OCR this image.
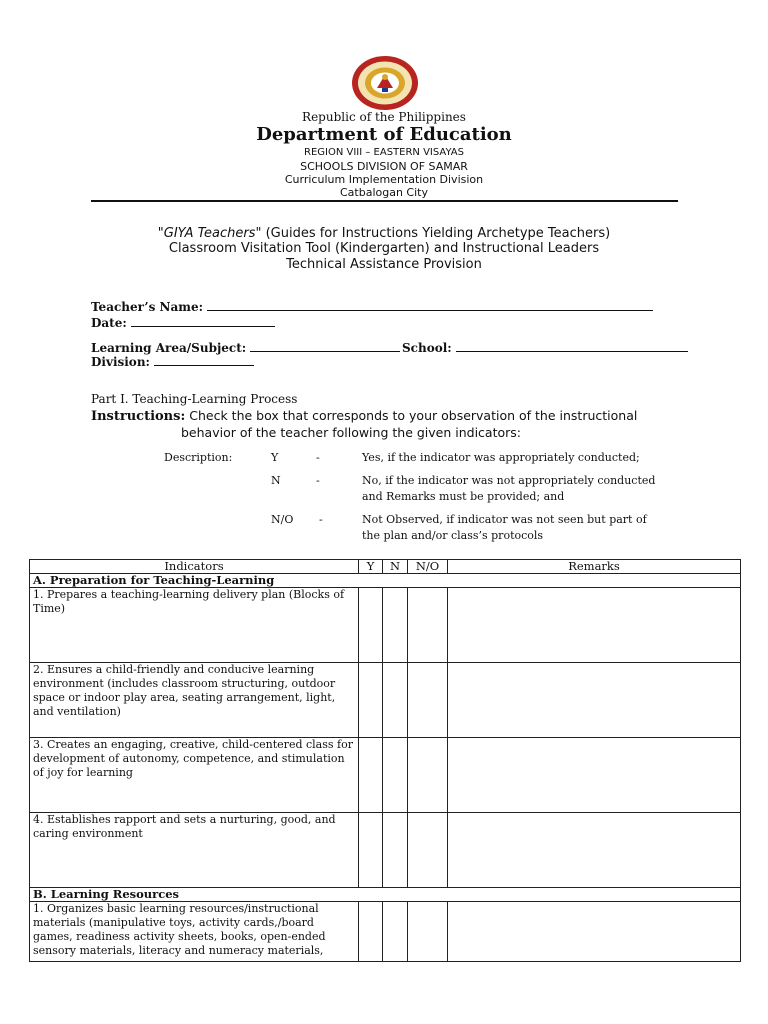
Republic of the Philippines
Department of Education
REGION VIII – EASTERN VISAYAS
SCHOOLS DIVISION OF SAMAR
Curriculum Implementation Division
Catbalogan City
"GIYA Teachers" (Guides for Instructions Yielding Archetype Teachers)
Classroom Visitation Tool (Kindergarten) and Instructional Leaders
Technical Assistance Provision
Teacher’s Name:
Date:
Learning Area/Subject:	School:
Division:
Part I. Teaching-Learning Process
Instructions: Check the box that corresponds to your observation of the instructional
behavior of the teacher following the given indicators:
Description:	Y	-	Yes, if the indicator was appropriately conducted;
N	-	No, if the indicator was not appropriately conducted
and Remarks must be provided; and
N/O -	Not Observed, if indicator was not seen but part of
the plan and/or class’s protocols
Indicators	Y	N	N/O	Remarks
A. Preparation for Teaching-Learning				
1. Prepares a teaching-learning delivery plan (Blocks of Time)				
2. Ensures a child-friendly and conducive learning environment (includes classroom structuring, outdoor space or indoor play area, seating arrangement, light, and ventilation)				
3. Creates an engaging, creative, child-centered class for development of autonomy, competence, and stimulation of joy for learning				
4. Establishes rapport and sets a nurturing, good, and caring environment				
B. Learning Resources				
1. Organizes basic learning resources/instructional materials (manipulative toys, activity cards,/board games, readiness activity sheets, books, open-ended sensory materials, literacy and numeracy materials,				
